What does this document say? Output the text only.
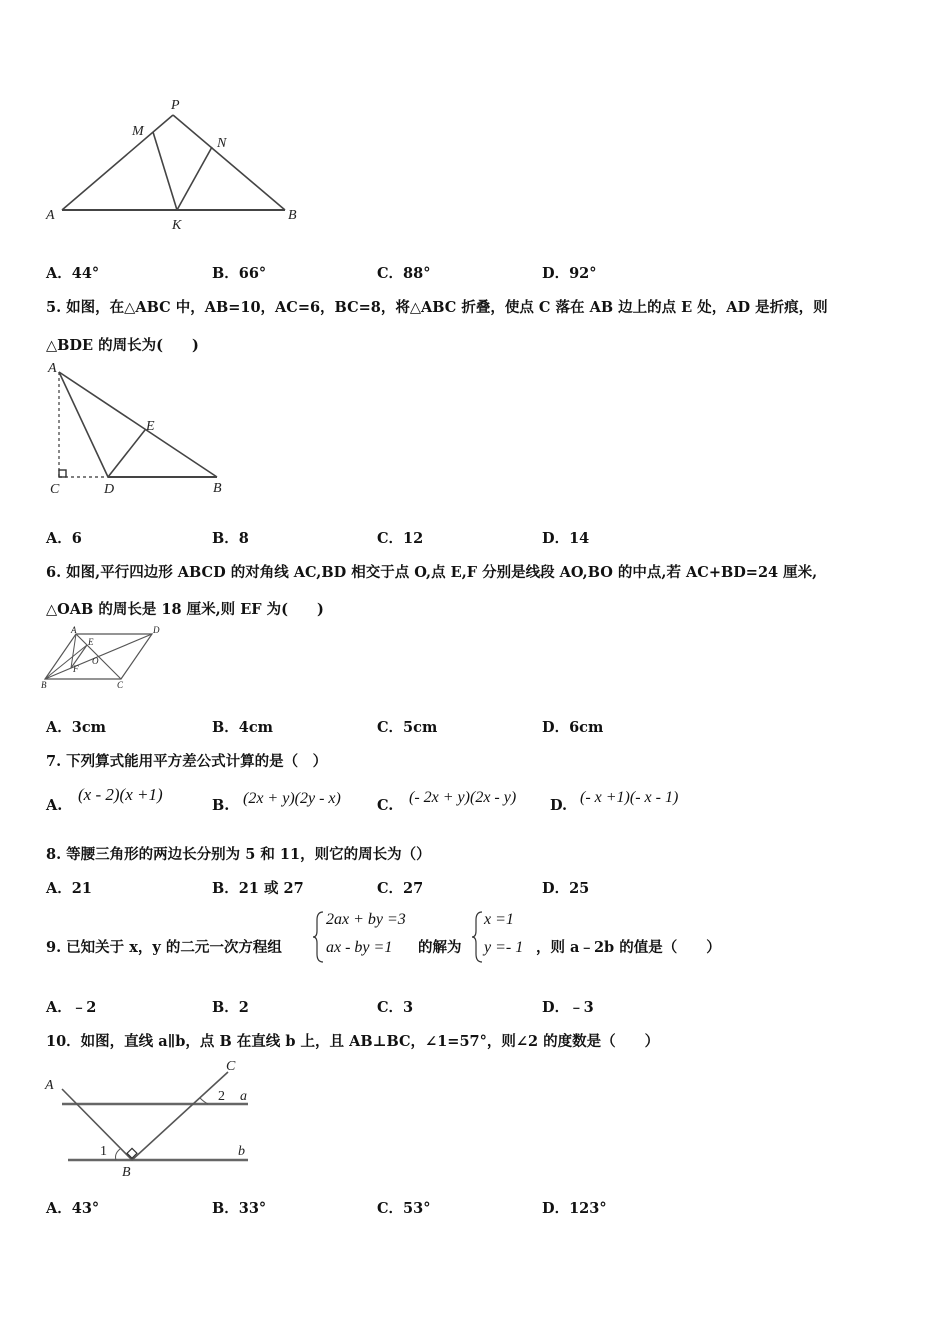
P
M
N
A
K
B
A．44°	B．66°	C．88°	D．92°
5. 如图，在△ABC 中，AB=10，AC=6，BC=8，将△ABC 折叠，使点 C 落在 AB 边上的点 E 处，AD 是折痕，则
△BDE 的周长为(　　)
A
E
C	D	B
A．6	B．8	C．12	D．14
6. 如图,平行四边形 ABCD 的对角线 AC,BD 相交于点 O,点 E,F 分别是线段 AO,BO 的中点,若 AC+BD=24 厘米,
△OAB 的周长是 18 厘米,则 EF 为(　　)
A	D
E
O
F
B	C
A．3cm	B．4cm	C．5cm	D．6cm
7. 下列算式能用平方差公式计算的是（　）
A.
(x - 2)(x +1)
B. (2x + y)(2y - x) C. (- 2x + y)(2x - y) D. (- x +1)(- x - 1)
8. 等腰三角形的两边长分别为 5 和 11，则它的周长为（）
A．21	B．21 或 27	C．27	D．25
9. 已知关于 x，y 的二元一次方程组
2ax + by =3
ax - by =1 的解为
x =1
y =- 1 ，则 a﹣2b 的值是（　　）
A．﹣2	B．2	C．3	D．﹣3
10．如图，直线 a∥b，点 B 在直线 b 上，且 AB⊥BC，∠1=57°，则∠2 的度数是（　　）
A
C
2 a
1	b
B
A．43°	B．33°	C．53°	D．123°
